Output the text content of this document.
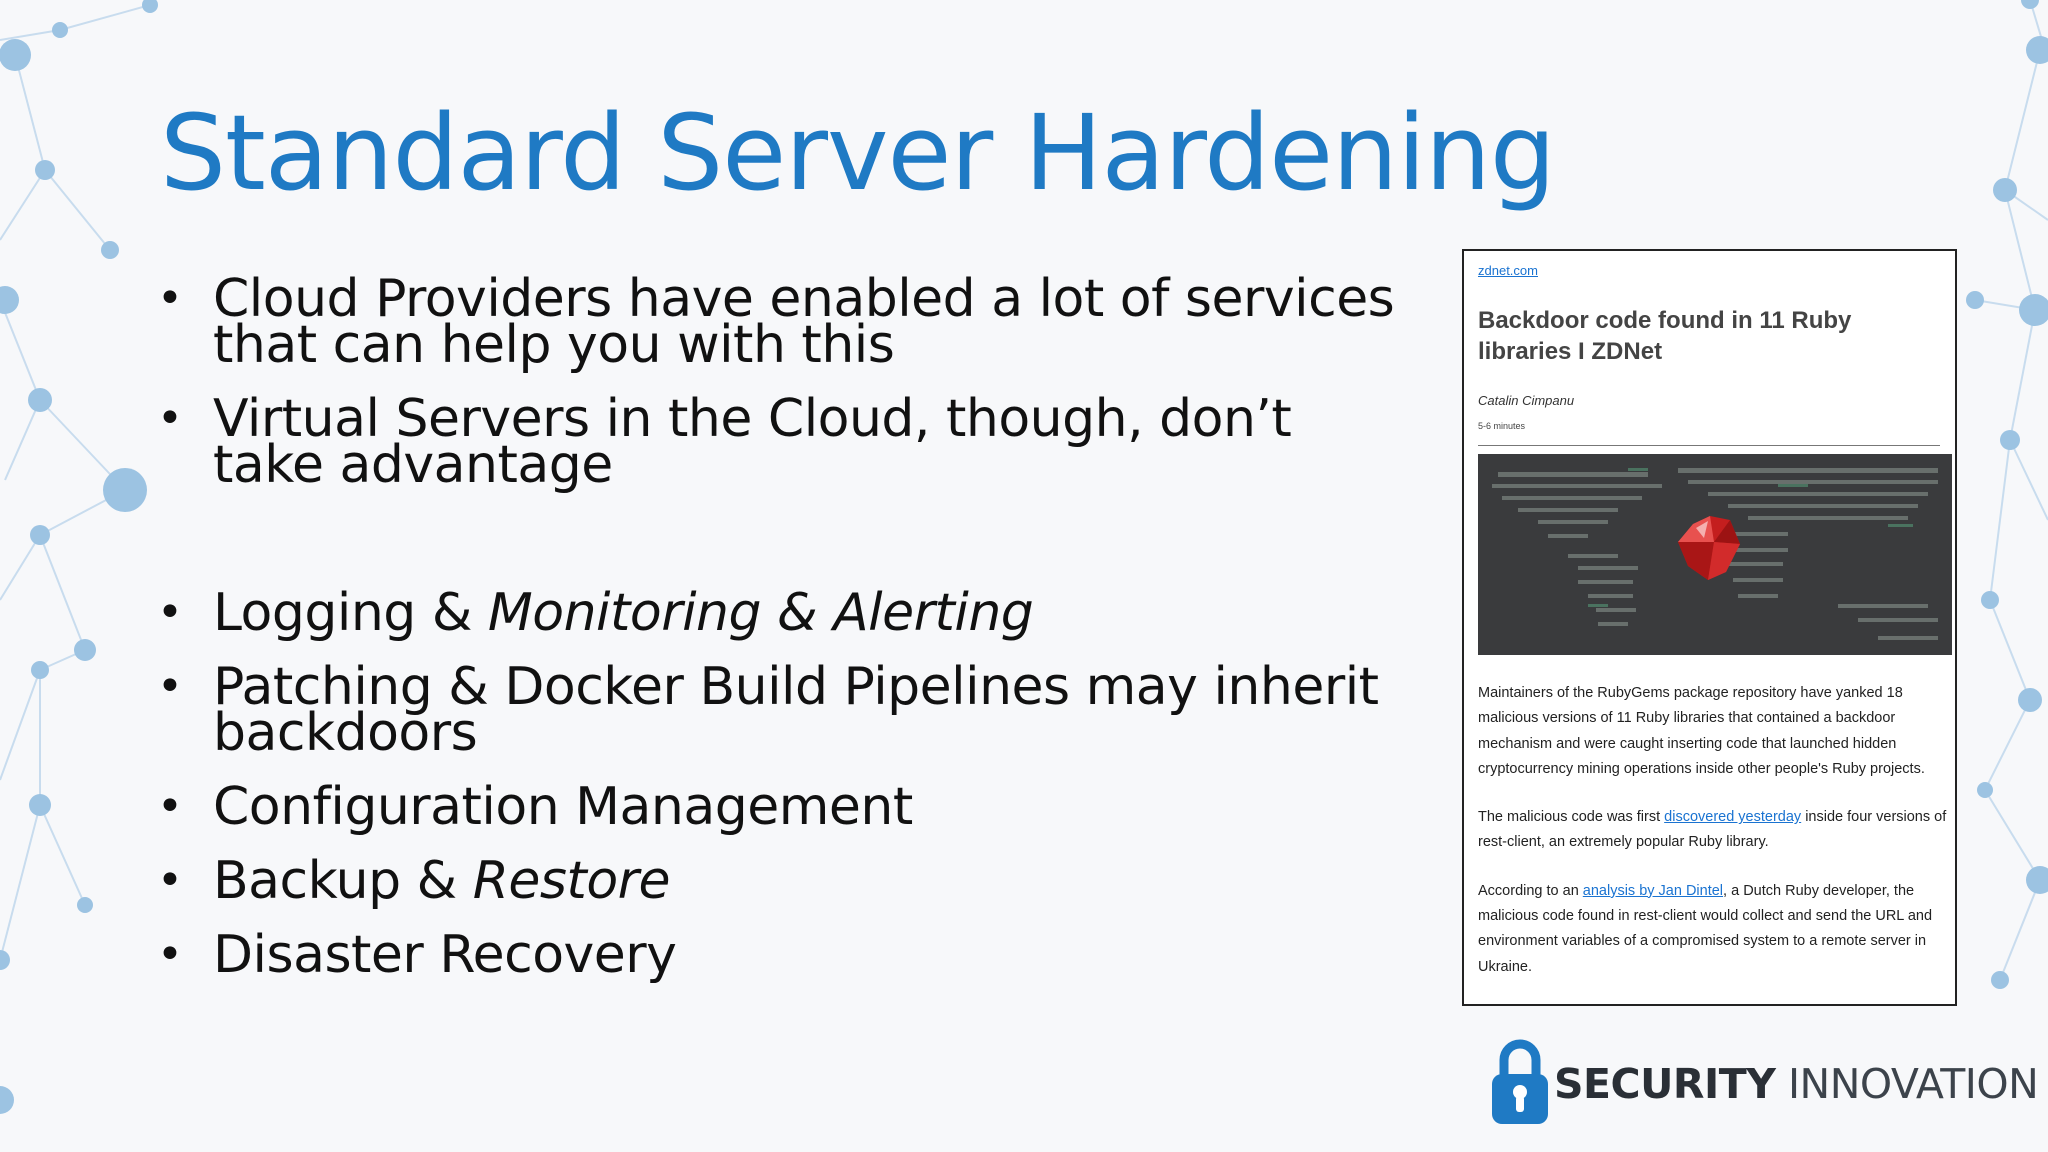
Standard Server Hardening
• Cloud Providers have enabled a lot of services that can help you with this
• Virtual Servers in the Cloud, though, don’t take advantage
• Logging & Monitoring & Alerting
• Patching & Docker Build Pipelines may inherit backdoors
• Configuration Management
• Backup & Restore
• Disaster Recovery
zdnet.com
Backdoor code found in 11 Ruby libraries I ZDNet
Catalin Cimpanu
5-6 minutes

Maintainers of the RubyGems package repository have yanked 18 malicious versions of 11 Ruby libraries that contained a backdoor mechanism and were caught inserting code that launched hidden cryptocurrency mining operations inside other people's Ruby projects.

The malicious code was first discovered yesterday inside four versions of rest-client, an extremely popular Ruby library.

According to an analysis by Jan Dintel, a Dutch Ruby developer, the malicious code found in rest-client would collect and send the URL and environment variables of a compromised system to a remote server in Ukraine.

SECURITY INNOVATION
